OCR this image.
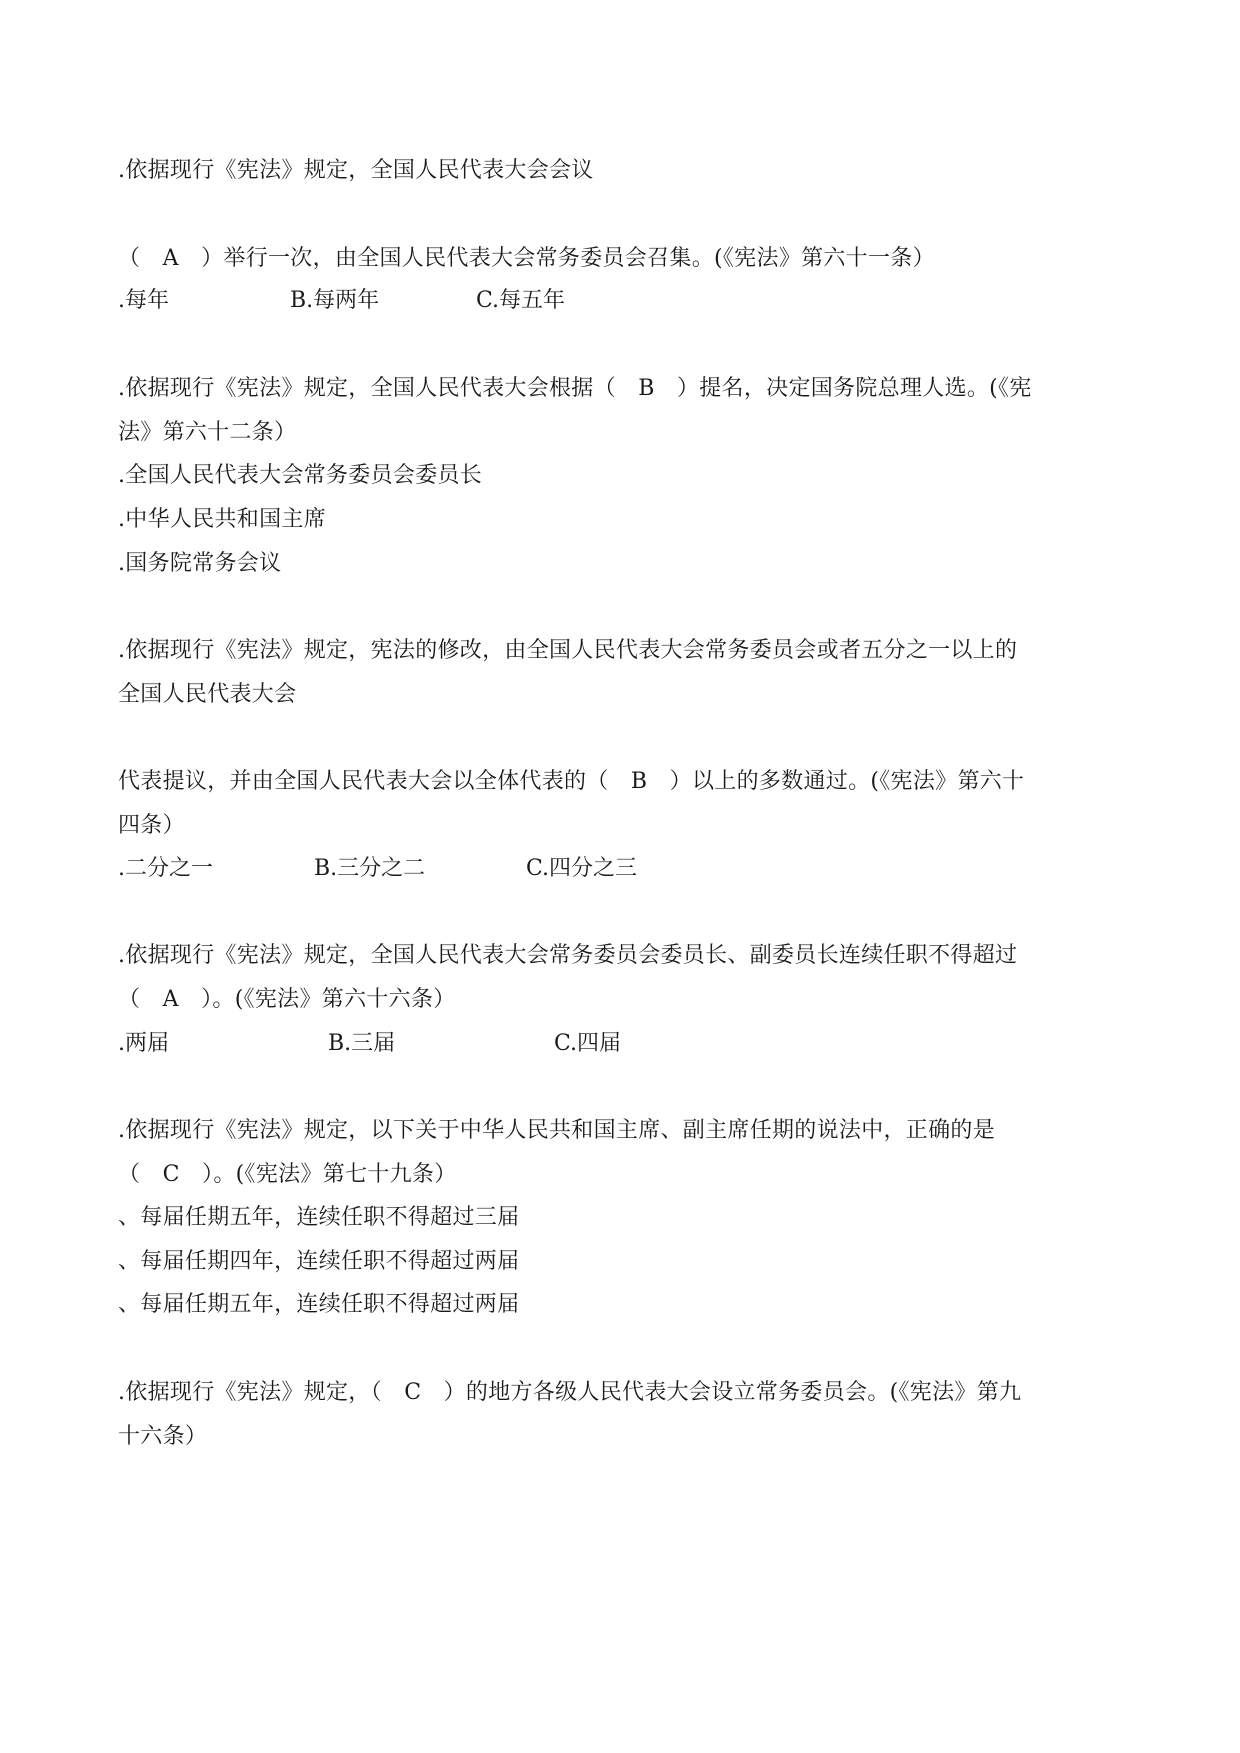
.依据现行《宪法》规定，全国人民代表大会会议
（　A　）举行一次，由全国人民代表大会常务委员会召集。(《宪法》第六十一条）

.每年

	B.每两年

	C.每五年

.依据现行《宪法》规定，全国人民代表大会根据（　B　）提名，决定国务院总理人选。(《宪
法》第六十二条）
.全国人民代表大会常务委员会委员长
.中华人民共和国主席
.国务院常务会议
.依据现行《宪法》规定，宪法的修改，由全国人民代表大会常务委员会或者五分之一以上的
全国人民代表大会
代表提议，并由全国人民代表大会以全体代表的（　B　）以上的多数通过。(《宪法》第六十
四条）

.二分之一

	B.三分之二

	C.四分之三

.依据现行《宪法》规定，全国人民代表大会常务委员会委员长、副委员长连续任职不得超过
（　A　）。(《宪法》第六十六条）

.两届

	B.三届

	C.四届

.依据现行《宪法》规定，以下关于中华人民共和国主席、副主席任期的说法中，正确的是
（　C　）。(《宪法》第七十九条）
、每届任期五年，连续任职不得超过三届
、每届任期四年，连续任职不得超过两届
、每届任期五年，连续任职不得超过两届
.依据现行《宪法》规定，（　C　）的地方各级人民代表大会设立常务委员会。(《宪法》第九
十六条）
